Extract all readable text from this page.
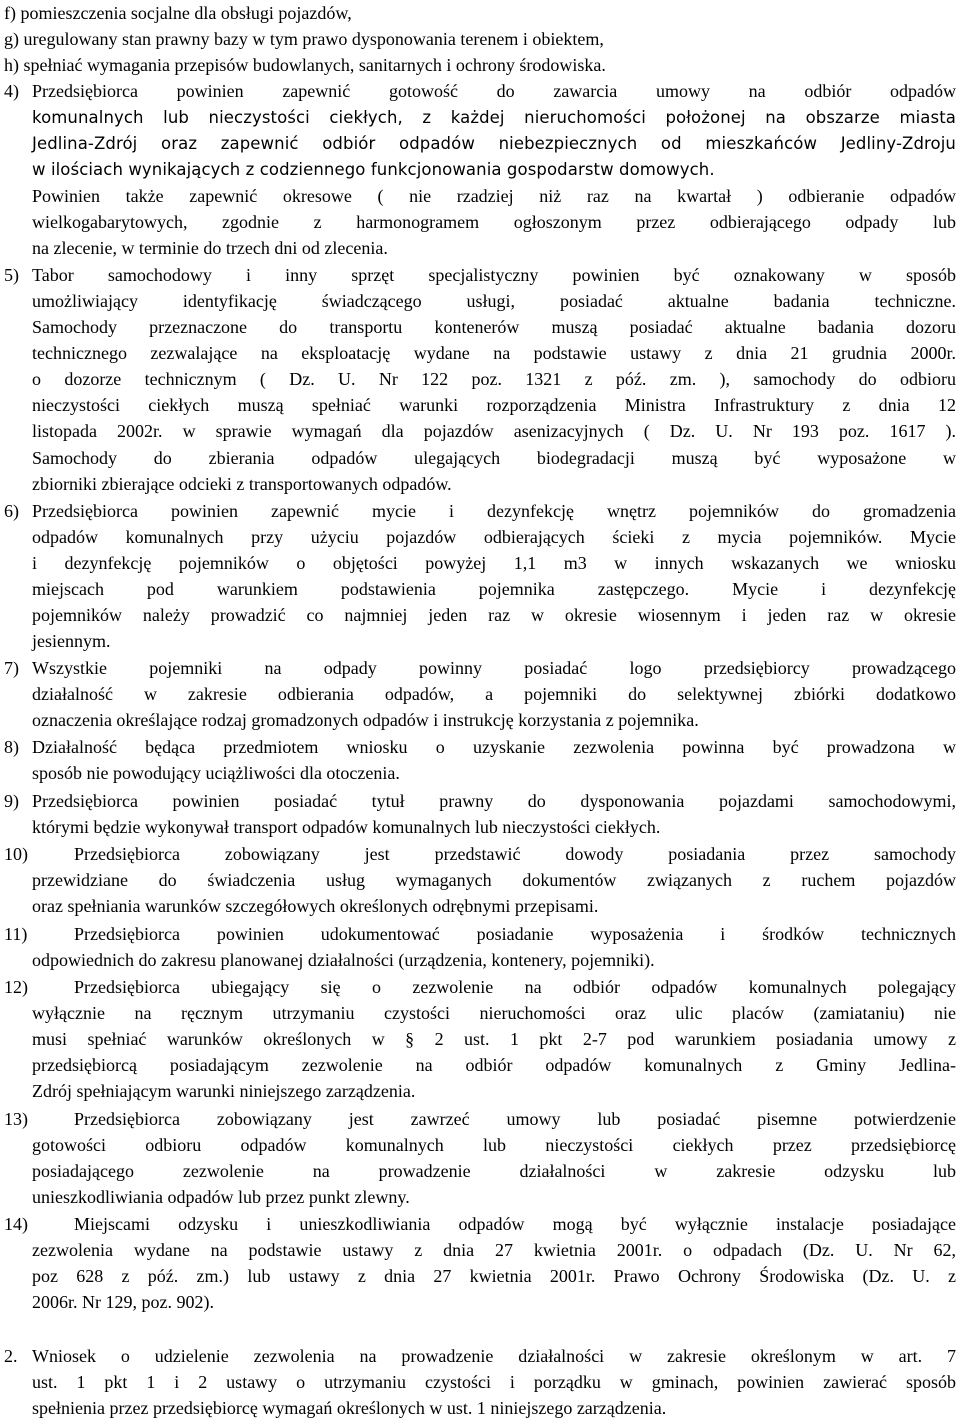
f) pomieszczenia socjalne dla obsługi pojazdów,
g) uregulowany stan prawny bazy w tym prawo dysponowania terenem i obiektem,
h) spełniać wymagania przepisów budowlanych, sanitarnych i ochrony środowiska.
4) Przedsiębiorca powinien zapewnić gotowość do zawarcia umowy na odbiór odpadów
komunalnych lub nieczystości ciekłych, z każdej nieruchomości położonej na obszarze miasta
Jedlina-Zdrój oraz zapewnić odbiór odpadów niebezpiecznych od mieszkańców Jedliny-Zdroju
w ilościach wynikających z codziennego funkcjonowania gospodarstw domowych.
Powinien także zapewnić okresowe ( nie rzadziej niż raz na kwartał ) odbieranie odpadów
wielkogabarytowych, zgodnie z harmonogramem ogłoszonym przez odbierającego odpady lub
na zlecenie, w terminie do trzech dni od zlecenia.
5) Tabor samochodowy i inny sprzęt specjalistyczny powinien być oznakowany w sposób
umożliwiający identyfikację świadczącego usługi, posiadać aktualne badania techniczne.
Samochody przeznaczone do transportu kontenerów muszą posiadać aktualne badania dozoru
technicznego zezwalające na eksploatację wydane na podstawie ustawy z dnia 21 grudnia 2000r.
o dozorze technicznym ( Dz. U. Nr 122 poz. 1321 z póź. zm. ), samochody do odbioru
nieczystości ciekłych muszą spełniać warunki rozporządzenia Ministra Infrastruktury z dnia 12
listopada 2002r. w sprawie wymagań dla pojazdów asenizacyjnych ( Dz. U. Nr 193 poz. 1617 ).
Samochody do zbierania odpadów ulegających biodegradacji muszą być wyposażone w
zbiorniki zbierające odcieki z transportowanych odpadów.
6) Przedsiębiorca powinien zapewnić mycie i dezynfekcję wnętrz pojemników do gromadzenia
odpadów komunalnych przy użyciu pojazdów odbierających ścieki z mycia pojemników. Mycie
i dezynfekcję pojemników o objętości powyżej 1,1 m3 w innych wskazanych we wniosku
miejscach pod warunkiem podstawienia pojemnika zastępczego. Mycie i dezynfekcję
pojemników należy prowadzić co najmniej jeden raz w okresie wiosennym i jeden raz w okresie
jesiennym.
7) Wszystkie pojemniki na odpady powinny posiadać logo przedsiębiorcy prowadzącego
działalność w zakresie odbierania odpadów, a pojemniki do selektywnej zbiórki dodatkowo
oznaczenia określające rodzaj gromadzonych odpadów i instrukcję korzystania z pojemnika.
8) Działalność będąca przedmiotem wniosku o uzyskanie zezwolenia powinna być prowadzona w
sposób nie powodujący uciążliwości dla otoczenia.
9) Przedsiębiorca powinien posiadać tytuł prawny do dysponowania pojazdami samochodowymi,
którymi będzie wykonywał transport odpadów komunalnych lub nieczystości ciekłych.
10)	Przedsiębiorca zobowiązany jest przedstawić dowody posiadania przez samochody
przewidziane do świadczenia usług wymaganych dokumentów związanych z ruchem pojazdów
oraz spełniania warunków szczegółowych określonych odrębnymi przepisami.
11)	Przedsiębiorca powinien udokumentować posiadanie wyposażenia i środków technicznych
odpowiednich do zakresu planowanej działalności (urządzenia, kontenery, pojemniki).
12)	Przedsiębiorca ubiegający się o zezwolenie na odbiór odpadów komunalnych polegający
wyłącznie na ręcznym utrzymaniu czystości nieruchomości oraz ulic placów (zamiataniu) nie
musi spełniać warunków określonych w § 2 ust. 1 pkt 2-7 pod warunkiem posiadania umowy z
przedsiębiorcą posiadającym zezwolenie na odbiór odpadów komunalnych z Gminy Jedlina-
Zdrój spełniającym warunki niniejszego zarządzenia.
13)	Przedsiębiorca zobowiązany jest zawrzeć umowy lub posiadać pisemne potwierdzenie
gotowości odbioru odpadów komunalnych lub nieczystości ciekłych przez przedsiębiorcę
posiadającego zezwolenie na prowadzenie działalności w zakresie odzysku lub
unieszkodliwiania odpadów lub przez punkt zlewny.
14)	Miejscami odzysku i unieszkodliwiania odpadów mogą być wyłącznie instalacje posiadające
zezwolenia wydane na podstawie ustawy z dnia 27 kwietnia 2001r. o odpadach (Dz. U. Nr 62,
poz 628 z póź. zm.) lub ustawy z dnia 27 kwietnia 2001r. Prawo Ochrony Środowiska (Dz. U. z
2006r. Nr 129, poz. 902).
2. Wniosek o udzielenie zezwolenia na prowadzenie działalności w zakresie określonym w art. 7
ust. 1 pkt 1 i 2 ustawy o utrzymaniu czystości i porządku w gminach, powinien zawierać sposób
spełnienia przez przedsiębiorcę wymagań określonych w ust. 1 niniejszego zarządzenia.
